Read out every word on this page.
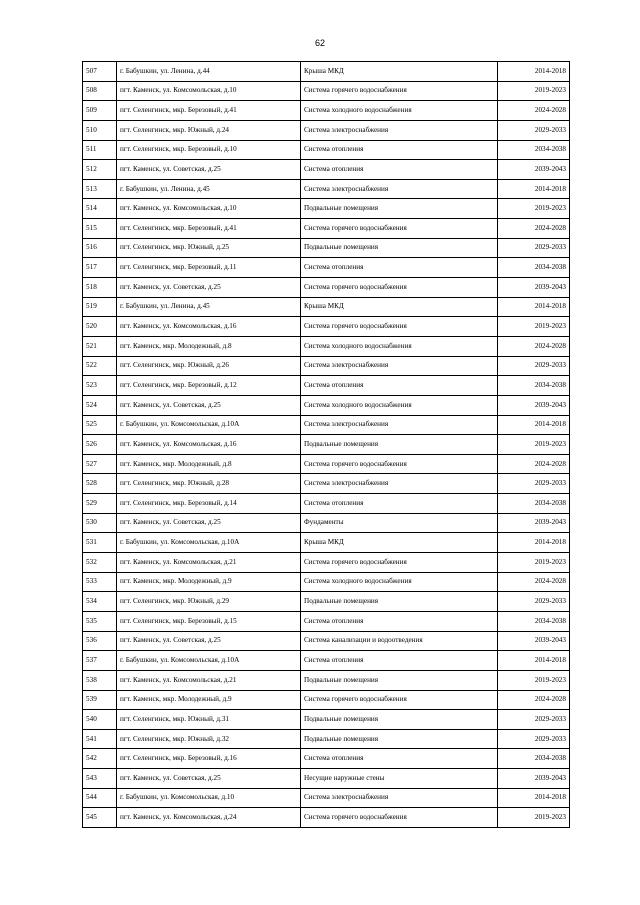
62
507	г. Бабушкин, ул. Ленина, д.44	Крыша МКД	2014-2018
508	пгт. Каменск, ул. Комсомольская, д.10	Система горячего водоснабжения	2019-2023
509	пгт. Селенгинск, мкр. Березовый, д.41	Система холодного водоснабжения	2024-2028
510	пгт. Селенгинск, мкр. Южный, д.24	Система электроснабжения	2029-2033
511	пгт. Селенгинск, мкр. Березовый, д.10	Система отопления	2034-2038
512	пгт. Каменск, ул. Советская, д.25	Система отопления	2039-2043
513	г. Бабушкин, ул. Ленина, д.45	Система электроснабжения	2014-2018
514	пгт. Каменск, ул. Комсомольская, д.10	Подвальные помещения	2019-2023
515	пгт. Селенгинск, мкр. Березовый, д.41	Система горячего водоснабжения	2024-2028
516	пгт. Селенгинск, мкр. Южный, д.25	Подвальные помещения	2029-2033
517	пгт. Селенгинск, мкр. Березовый, д.11	Система отопления	2034-2038
518	пгт. Каменск, ул. Советская, д.25	Система горячего водоснабжения	2039-2043
519	г. Бабушкин, ул. Ленина, д.45	Крыша МКД	2014-2018
520	пгт. Каменск, ул. Комсомольская, д.16	Система горячего водоснабжения	2019-2023
521	пгт. Каменск, мкр. Молодежный, д.8	Система холодного водоснабжения	2024-2028
522	пгт. Селенгинск, мкр. Южный, д.26	Система электроснабжения	2029-2033
523	пгт. Селенгинск, мкр. Березовый, д.12	Система отопления	2034-2038
524	пгт. Каменск, ул. Советская, д.25	Система холодного водоснабжения	2039-2043
525	г. Бабушкин, ул. Комсомольская, д.10А	Система электроснабжения	2014-2018
526	пгт. Каменск, ул. Комсомольская, д.16	Подвальные помещения	2019-2023
527	пгт. Каменск, мкр. Молодежный, д.8	Система горячего водоснабжения	2024-2028
528	пгт. Селенгинск, мкр. Южный, д.28	Система электроснабжения	2029-2033
529	пгт. Селенгинск, мкр. Березовый, д.14	Система отопления	2034-2038
530	пгт. Каменск, ул. Советская, д.25	Фундаменты	2039-2043
531	г. Бабушкин, ул. Комсомольская, д.10А	Крыша МКД	2014-2018
532	пгт. Каменск, ул. Комсомольская, д.21	Система горячего водоснабжения	2019-2023
533	пгт. Каменск, мкр. Молодежный, д.9	Система холодного водоснабжения	2024-2028
534	пгт. Селенгинск, мкр. Южный, д.29	Подвальные помещения	2029-2033
535	пгт. Селенгинск, мкр. Березовый, д.15	Система отопления	2034-2038
536	пгт. Каменск, ул. Советская, д.25	Система канализации и водоотведения	2039-2043
537	г. Бабушкин, ул. Комсомольская, д.10А	Система отопления	2014-2018
538	пгт. Каменск, ул. Комсомольская, д.21	Подвальные помещения	2019-2023
539	пгт. Каменск, мкр. Молодежный, д.9	Система горячего водоснабжения	2024-2028
540	пгт. Селенгинск, мкр. Южный, д.31	Подвальные помещения	2029-2033
541	пгт. Селенгинск, мкр. Южный, д.32	Подвальные помещения	2029-2033
542	пгт. Селенгинск, мкр. Березовый, д.16	Система отопления	2034-2038
543	пгт. Каменск, ул. Советская, д.25	Несущие наружные стены	2039-2043
544	г. Бабушкин, ул. Комсомольская, д.10	Система электроснабжения	2014-2018
545	пгт. Каменск, ул. Комсомольская, д.24	Система горячего водоснабжения	2019-2023
